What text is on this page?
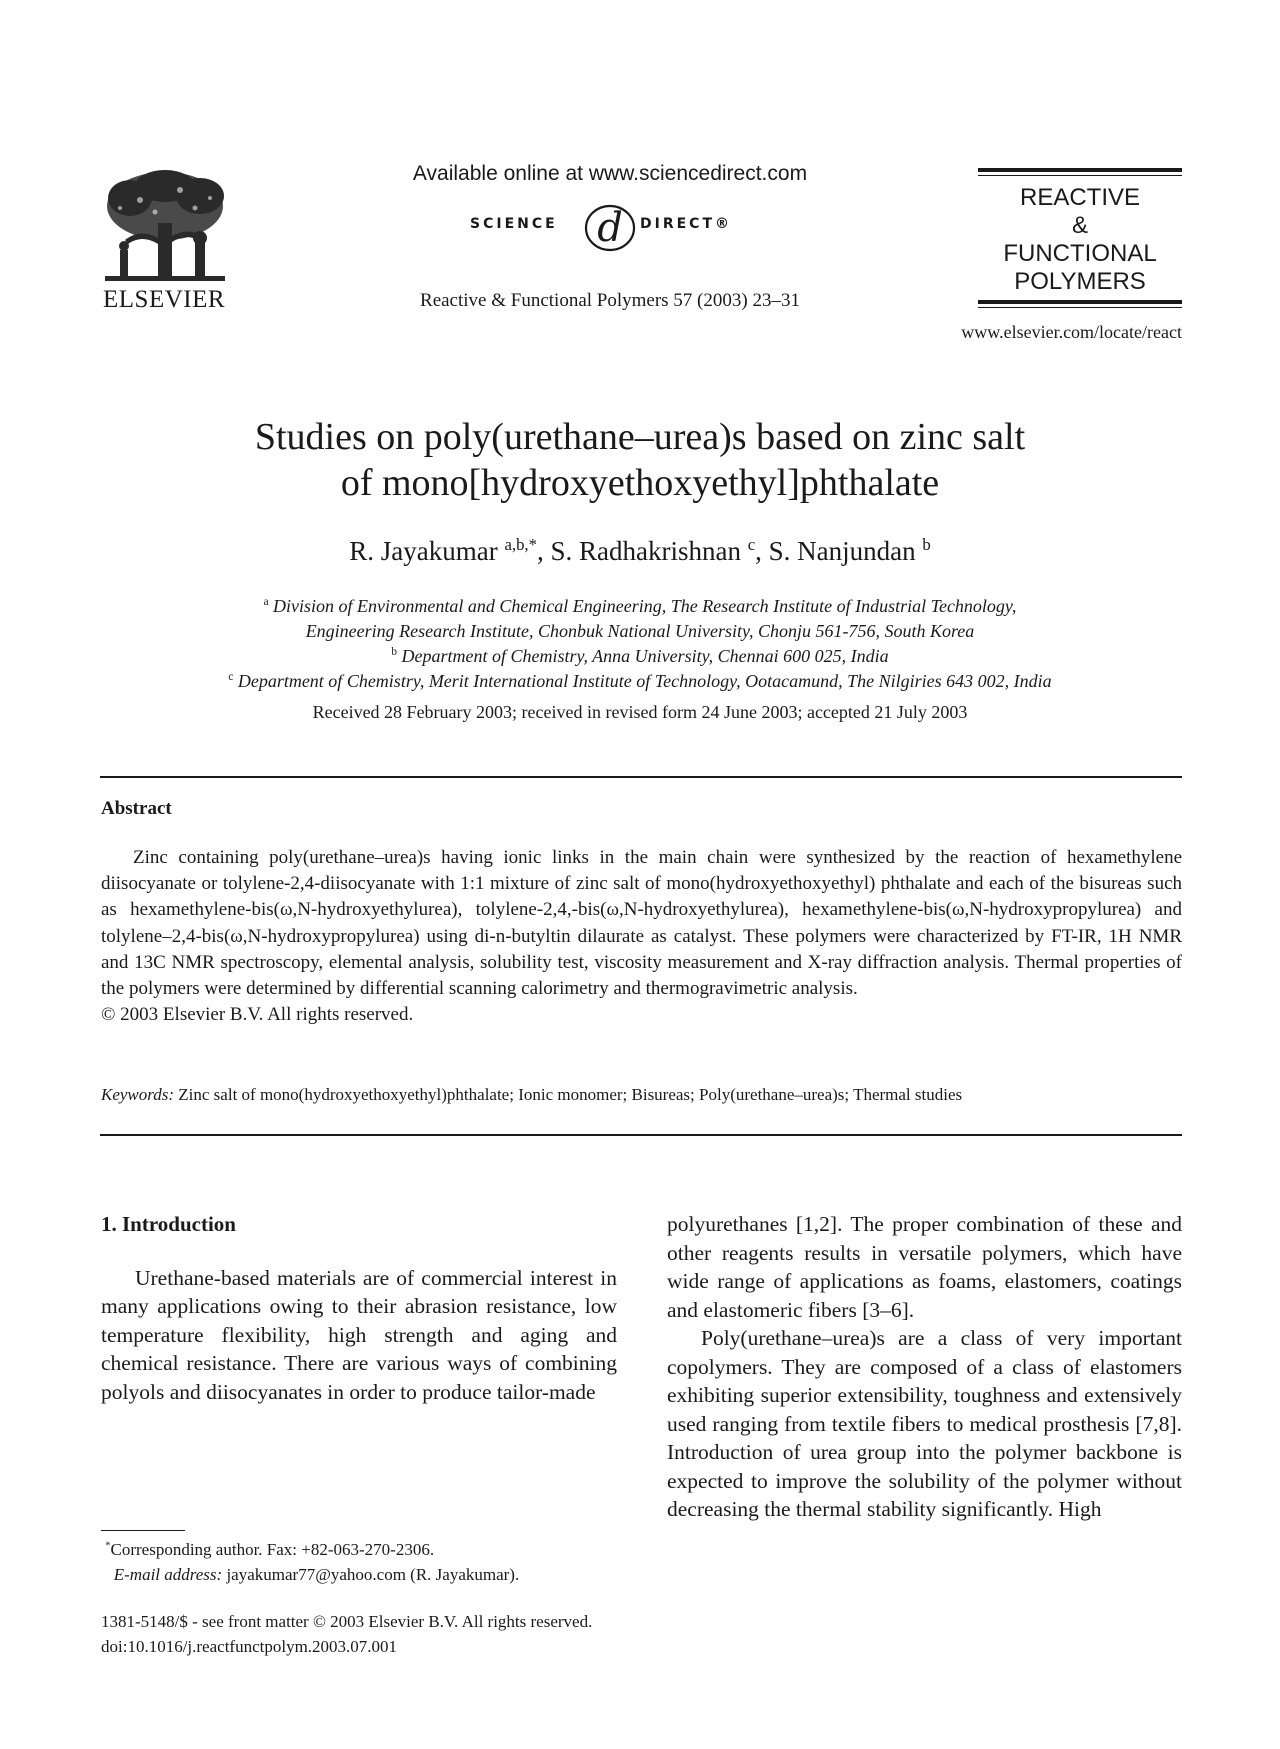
ELSEVIER
Available online at www.sciencedirect.com
SCIENCE d DIRECT®
Reactive & Functional Polymers 57 (2003) 23–31
REACTIVE
&
FUNCTIONAL
POLYMERS
www.elsevier.com/locate/react
Studies on poly(urethane–urea)s based on zinc salt
of mono[hydroxyethoxyethyl]phthalate
R. Jayakumar $^{a,b,*}$, S. Radhakrishnan $^c$, S. Nanjundan $^b$
$^a$ Division of Environmental and Chemical Engineering, The Research Institute of Industrial Technology,
Engineering Research Institute, Chonbuk National University, Chonju 561-756, South Korea
$^b$ Department of Chemistry, Anna University, Chennai 600 025, India
$^c$ Department of Chemistry, Merit International Institute of Technology, Ootacamund, The Nilgiries 643 002, India
Received 28 February 2003; received in revised form 24 June 2003; accepted 21 July 2003
Abstract

Zinc containing poly(urethane–urea)s having ionic links in the main chain were synthesized by the reaction of hexamethylene diisocyanate or tolylene-2,4-diisocyanate with 1:1 mixture of zinc salt of mono(hydroxyethoxyethyl) phthalate and each of the bisureas such as hexamethylene-bis(ω,N-hydroxyethylurea), tolylene-2,4,-bis(ω,N-hydroxyethylurea), hexamethylene-bis(ω,N-hydroxypropylurea) and tolylene–2,4-bis(ω,N-hydroxypropylurea) using di-n-butyltin dilaurate as catalyst. These polymers were characterized by FT-IR, 1H NMR and 13C NMR spectroscopy, elemental analysis, solubility test, viscosity measurement and X-ray diffraction analysis. Thermal properties of the polymers were determined by differential scanning calorimetry and thermogravimetric analysis.

© 2003 Elsevier B.V. All rights reserved.

Keywords: Zinc salt of mono(hydroxyethoxyethyl)phthalate; Ionic monomer; Bisureas; Poly(urethane–urea)s; Thermal studies

1. Introduction

Urethane-based materials are of commercial interest in many applications owing to their abrasion resistance, low temperature flexibility, high strength and aging and chemical resistance. There are various ways of combining polyols and diisocyanates in order to produce tailor-made

polyurethanes [1,2]. The proper combination of these and other reagents results in versatile polymers, which have wide range of applications as foams, elastomers, coatings and elastomeric fibers [3–6].

Poly(urethane–urea)s are a class of very important copolymers. They are composed of a class of elastomers exhibiting superior extensibility, toughness and extensively used ranging from textile fibers to medical prosthesis [7,8]. Introduction of urea group into the polymer backbone is expected to improve the solubility of the polymer without decreasing the thermal stability significantly. High

*Corresponding author. Fax: +82-063-270-2306.
E-mail address: jayakumar77@yahoo.com (R. Jayakumar).
1381-5148/$ - see front matter © 2003 Elsevier B.V. All rights reserved.
doi:10.1016/j.reactfunctpolym.2003.07.001
